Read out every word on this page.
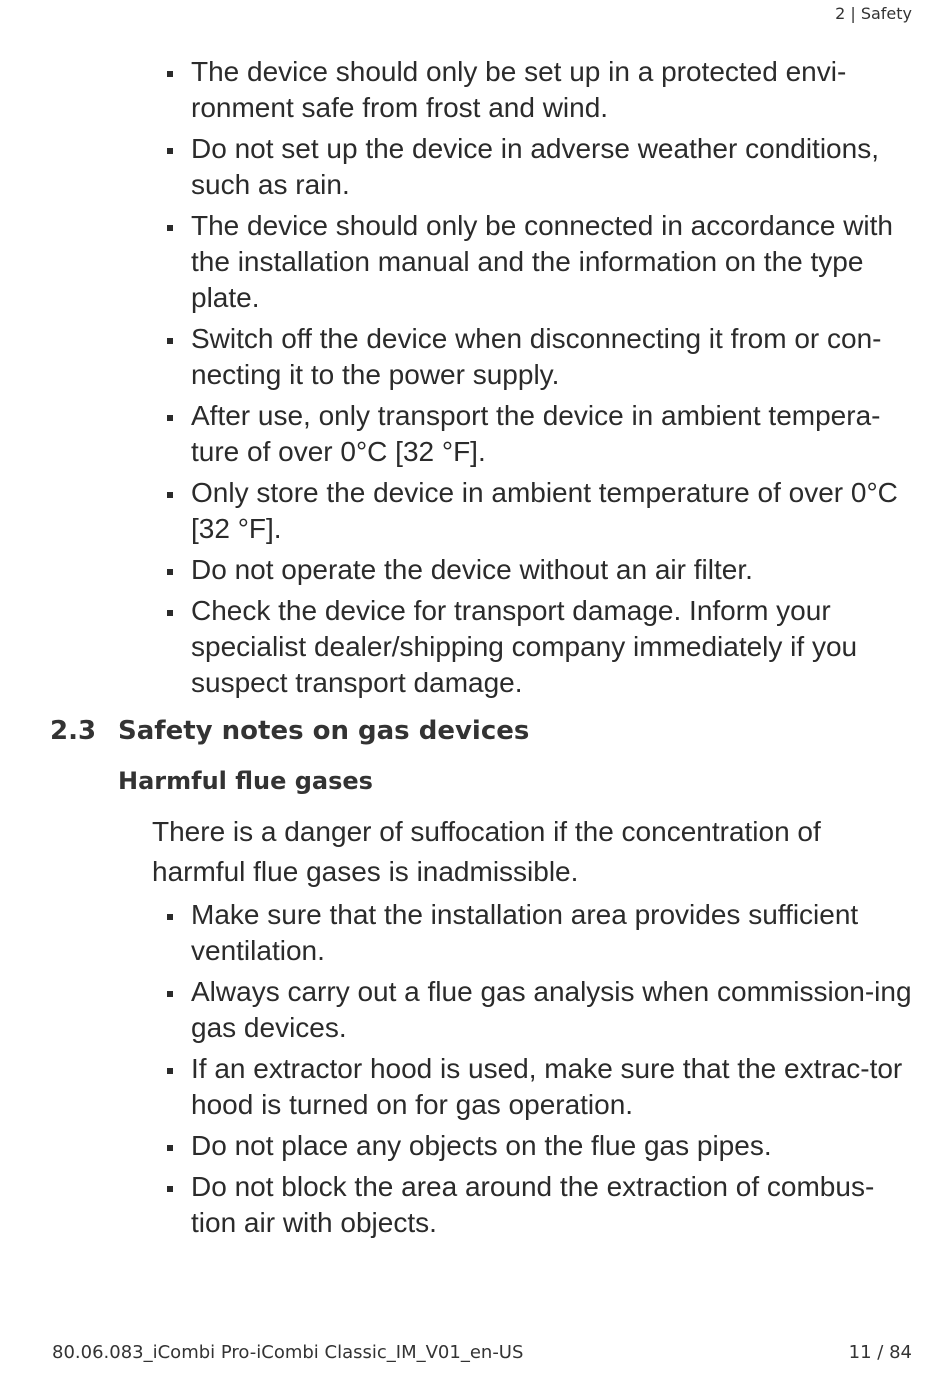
2 | Safety
The device should only be set up in a protected envi-ronment safe from frost and wind.
Do not set up the device in adverse weather conditions, such as rain.
The device should only be connected in accordance with the installation manual and the information on the type plate.
Switch off the device when disconnecting it from or con-necting it to the power supply.
After use, only transport the device in ambient tempera-ture of over 0°C [32 °F].
Only store the device in ambient temperature of over 0°C [32 °F].
Do not operate the device without an air filter.
Check the device for transport damage. Inform your specialist dealer/shipping company immediately if you suspect transport damage.
2.3 Safety notes on gas devices
Harmful flue gases
There is a danger of suffocation if the concentration of harmful flue gases is inadmissible.
Make sure that the installation area provides sufficient ventilation.
Always carry out a flue gas analysis when commission-ing gas devices.
If an extractor hood is used, make sure that the extrac-tor hood is turned on for gas operation.
Do not place any objects on the flue gas pipes.
Do not block the area around the extraction of combus-tion air with objects.
80.06.083_iCombi Pro-iCombi Classic_IM_V01_en-US	11 / 84
